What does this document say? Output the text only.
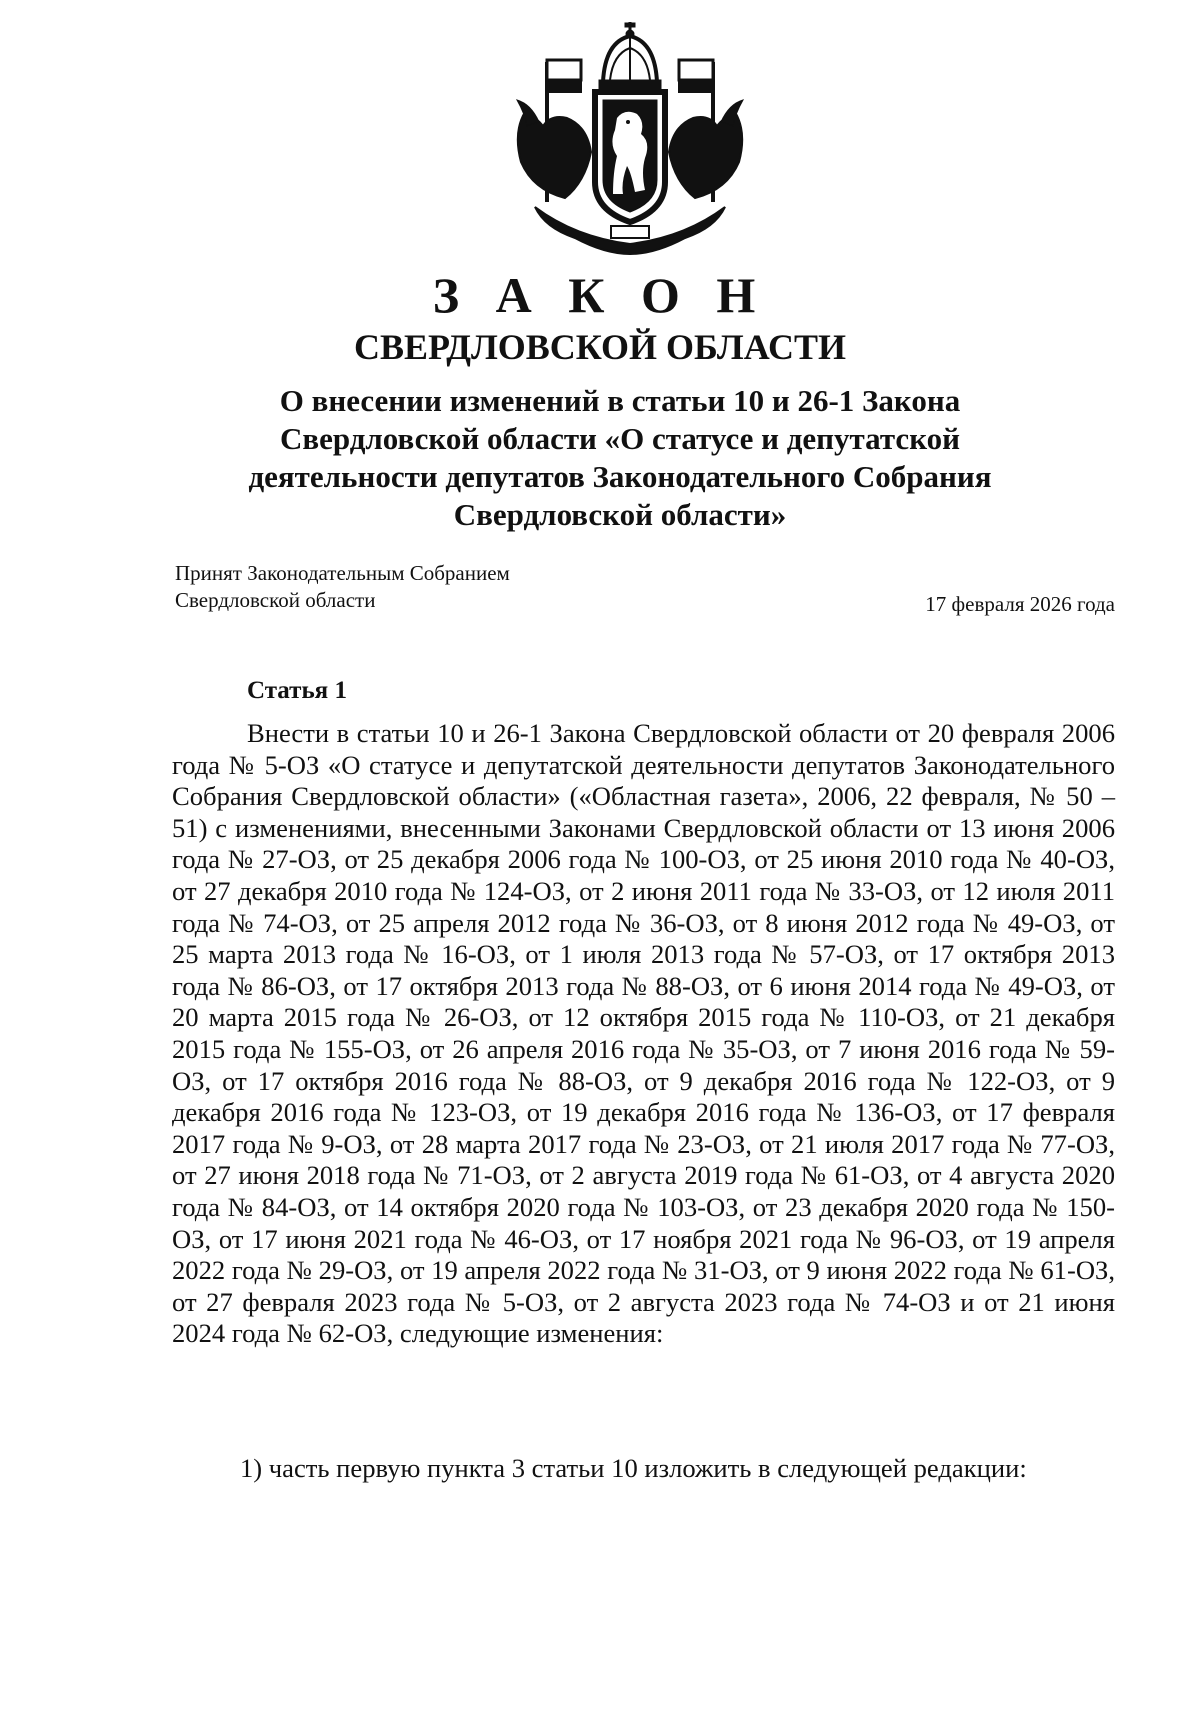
З А К О Н
СВЕРДЛОВСКОЙ ОБЛАСТИ
О внесении изменений в статьи 10 и 26-1 Закона
Свердловской области «О статусе и депутатской
деятельности депутатов Законодательного Собрания
Свердловской области»
Принят Законодательным Собранием
Свердловской области	17 февраля 2026 года
Статья 1

Внести в статьи 10 и 26-1 Закона Свердловской области от 20 февраля 2006 года № 5-ОЗ «О статусе и депутатской деятельности депутатов Законодательного Собрания Свердловской области» («Областная газета», 2006, 22 февраля, № 50 – 51) с изменениями, внесенными Законами Свердловской области от 13 июня 2006 года № 27-ОЗ, от 25 декабря 2006 года № 100-ОЗ, от 25 июня 2010 года № 40-ОЗ, от 27 декабря 2010 года № 124-ОЗ, от 2 июня 2011 года № 33-ОЗ, от 12 июля 2011 года № 74-ОЗ, от 25 апреля 2012 года № 36-ОЗ, от 8 июня 2012 года № 49-ОЗ, от 25 марта 2013 года № 16-ОЗ, от 1 июля 2013 года № 57-ОЗ, от 17 октября 2013 года № 86-ОЗ, от 17 октября 2013 года № 88-ОЗ, от 6 июня 2014 года № 49-ОЗ, от 20 марта 2015 года № 26-ОЗ, от 12 октября 2015 года № 110-ОЗ, от 21 декабря 2015 года № 155-ОЗ, от 26 апреля 2016 года № 35-ОЗ, от 7 июня 2016 года № 59-ОЗ, от 17 октября 2016 года № 88-ОЗ, от 9 декабря 2016 года № 122-ОЗ, от 9 декабря 2016 года № 123-ОЗ, от 19 декабря 2016 года № 136-ОЗ, от 17 февраля 2017 года № 9-ОЗ, от 28 марта 2017 года № 23-ОЗ, от 21 июля 2017 года № 77-ОЗ, от 27 июня 2018 года № 71-ОЗ, от 2 августа 2019 года № 61-ОЗ, от 4 августа 2020 года № 84-ОЗ, от 14 октября 2020 года № 103-ОЗ, от 23 декабря 2020 года № 150-ОЗ, от 17 июня 2021 года № 46-ОЗ, от 17 ноября 2021 года № 96-ОЗ, от 19 апреля 2022 года № 29-ОЗ, от 19 апреля 2022 года № 31-ОЗ, от 9 июня 2022 года № 61-ОЗ, от 27 февраля 2023 года № 5-ОЗ, от 2 августа 2023 года № 74-ОЗ и от 21 июня 2024 года № 62-ОЗ, следующие изменения:

1) часть первую пункта 3 статьи 10 изложить в следующей редакции:
